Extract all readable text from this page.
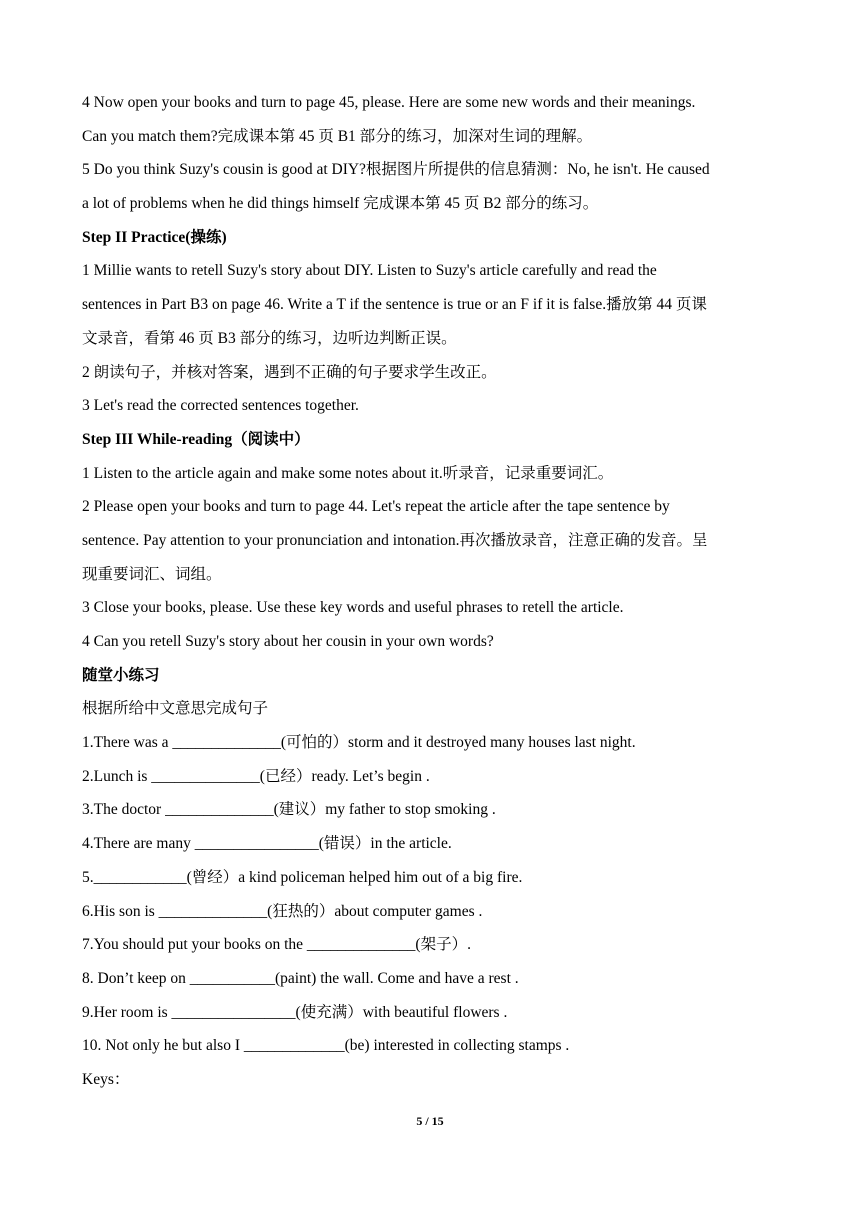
4 Now open your books and turn to page 45, please. Here are some new words and their meanings.
Can you match them?完成课本第 45 页 B1 部分的练习，加深对生词的理解。
5 Do you think Suzy's cousin is good at DIY?根据图片所提供的信息猜测：No, he isn't. He caused
a lot of problems when he did things himself 完成课本第 45 页 B2 部分的练习。
Step II Practice(操练)
1 Millie wants to retell Suzy's story about DIY. Listen to Suzy's article carefully and read the
sentences in Part B3 on page 46. Write a T if the sentence is true or an F if it is false.播放第 44 页课
文录音，看第 46 页 B3 部分的练习，边听边判断正误。
2 朗读句子，并核对答案，遇到不正确的句子要求学生改正。
3 Let's read the corrected sentences together.
Step III While-reading（阅读中）
1 Listen to the article again and make some notes about it.听录音，记录重要词汇。
2 Please open your books and turn to page 44. Let's repeat the article after the tape sentence by
sentence. Pay attention to your pronunciation and intonation.再次播放录音，注意正确的发音。呈
现重要词汇、词组。
3 Close your books, please. Use these key words and useful phrases to retell the article.
4 Can you retell Suzy's story about her cousin in your own words?
随堂小练习
根据所给中文意思完成句子
1.There was a ______________(可怕的）storm and it destroyed many houses last night.
2.Lunch is ______________(已经）ready. Let’s begin .
3.The doctor ______________(建议）my father to stop smoking .
4.There are many ________________(错误）in the article.
5.____________(曾经）a kind policeman helped him out of a big fire.
6.His son is ______________(狂热的）about computer games .
7.You should put your books on the ______________(架子）.
8. Don’t keep on ___________(paint) the wall. Come and have a rest .
9.Her room is ________________(使充满）with beautiful flowers .
10. Not only he but also I _____________(be) interested in collecting stamps .
Keys：
5 / 15
